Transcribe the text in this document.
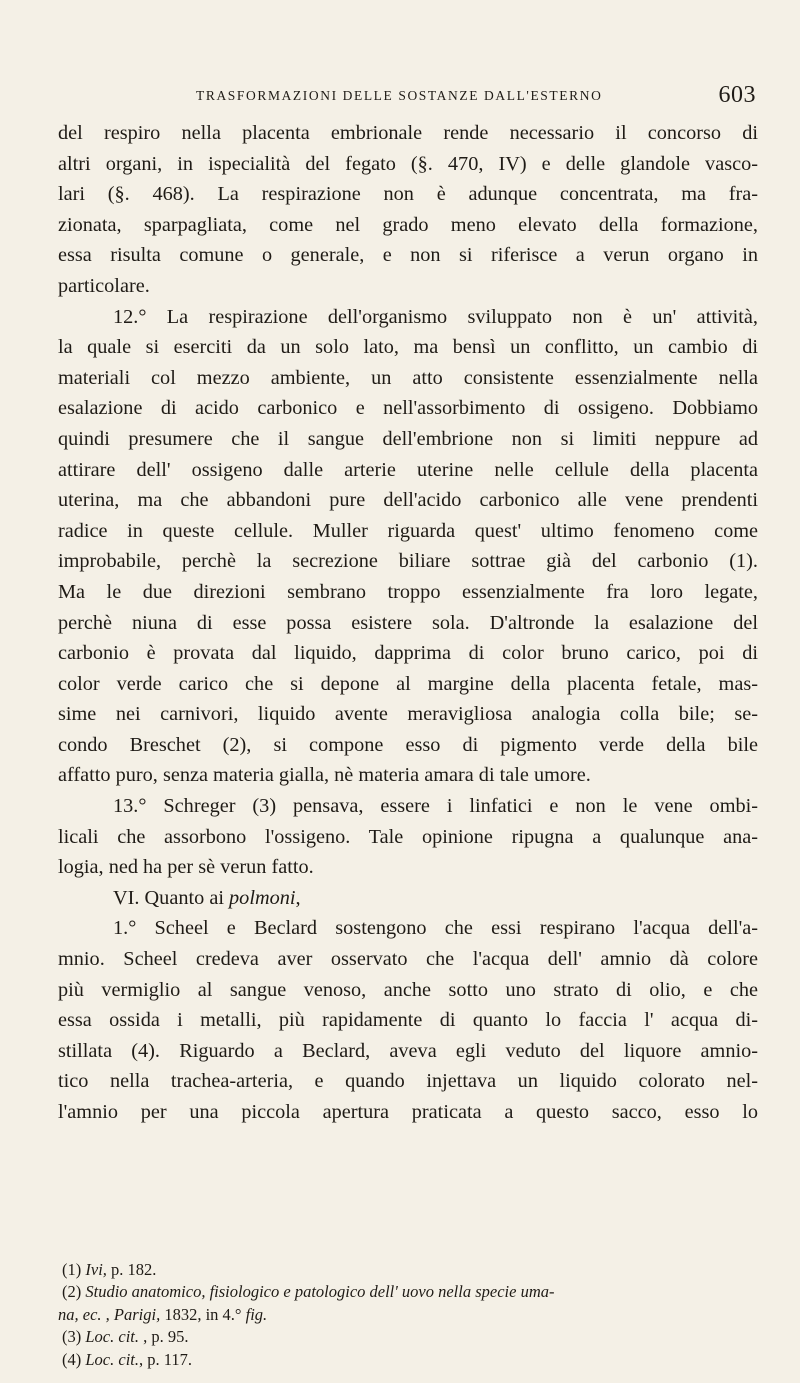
TRASFORMAZIONI DELLE SOSTANZE DALL'ESTERNO	603
del respiro nella placenta embrionale rende necessario il concorso di
altri organi, in ispecialità del fegato (§. 470, IV) e delle glandole vasco-
lari (§. 468). La respirazione non è adunque concentrata, ma fra-
zionata, sparpagliata, come nel grado meno elevato della formazione,
essa risulta comune o generale, e non si riferisce a verun organo in
particolare.
12.° La respirazione dell'organismo sviluppato non è un' attività,
la quale si eserciti da un solo lato, ma bensì un conflitto, un cambio di
materiali col mezzo ambiente, un atto consistente essenzialmente nella
esalazione di acido carbonico e nell'assorbimento di ossigeno. Dobbiamo
quindi presumere che il sangue dell'embrione non si limiti neppure ad
attirare dell' ossigeno dalle arterie uterine nelle cellule della placenta
uterina, ma che abbandoni pure dell'acido carbonico alle vene prendenti
radice in queste cellule. Muller riguarda quest' ultimo fenomeno come
improbabile, perchè la secrezione biliare sottrae già del carbonio (1).
Ma le due direzioni sembrano troppo essenzialmente fra loro legate,
perchè niuna di esse possa esistere sola. D'altronde la esalazione del
carbonio è provata dal liquido, dapprima di color bruno carico, poi di
color verde carico che si depone al margine della placenta fetale, mas-
sime nei carnivori, liquido avente meravigliosa analogia colla bile; se-
condo Breschet (2), si compone esso di pigmento verde della bile
affatto puro, senza materia gialla, nè materia amara di tale umore.
13.° Schreger (3) pensava, essere i linfatici e non le vene ombi-
licali che assorbono l'ossigeno. Tale opinione ripugna a qualunque ana-
logia, ned ha per sè verun fatto.
VI. Quanto ai polmoni,
1.° Scheel e Beclard sostengono che essi respirano l'acqua dell'a-
mnio. Scheel credeva aver osservato che l'acqua dell' amnio dà colore
più vermiglio al sangue venoso, anche sotto uno strato di olio, e che
essa ossida i metalli, più rapidamente di quanto lo faccia l' acqua di-
stillata (4). Riguardo a Beclard, aveva egli veduto del liquore amnio-
tico nella trachea-arteria, e quando injettava un liquido colorato nel-
l'amnio per una piccola apertura praticata a questo sacco, esso lo
(1) Ivi, p. 182.
(2) Studio anatomico, fisiologico e patologico dell' uovo nella specie uma-
na, ec. , Parigi, 1832, in 4.° fig.
(3) Loc. cit. , p. 95.
(4) Loc. cit., p. 117.
